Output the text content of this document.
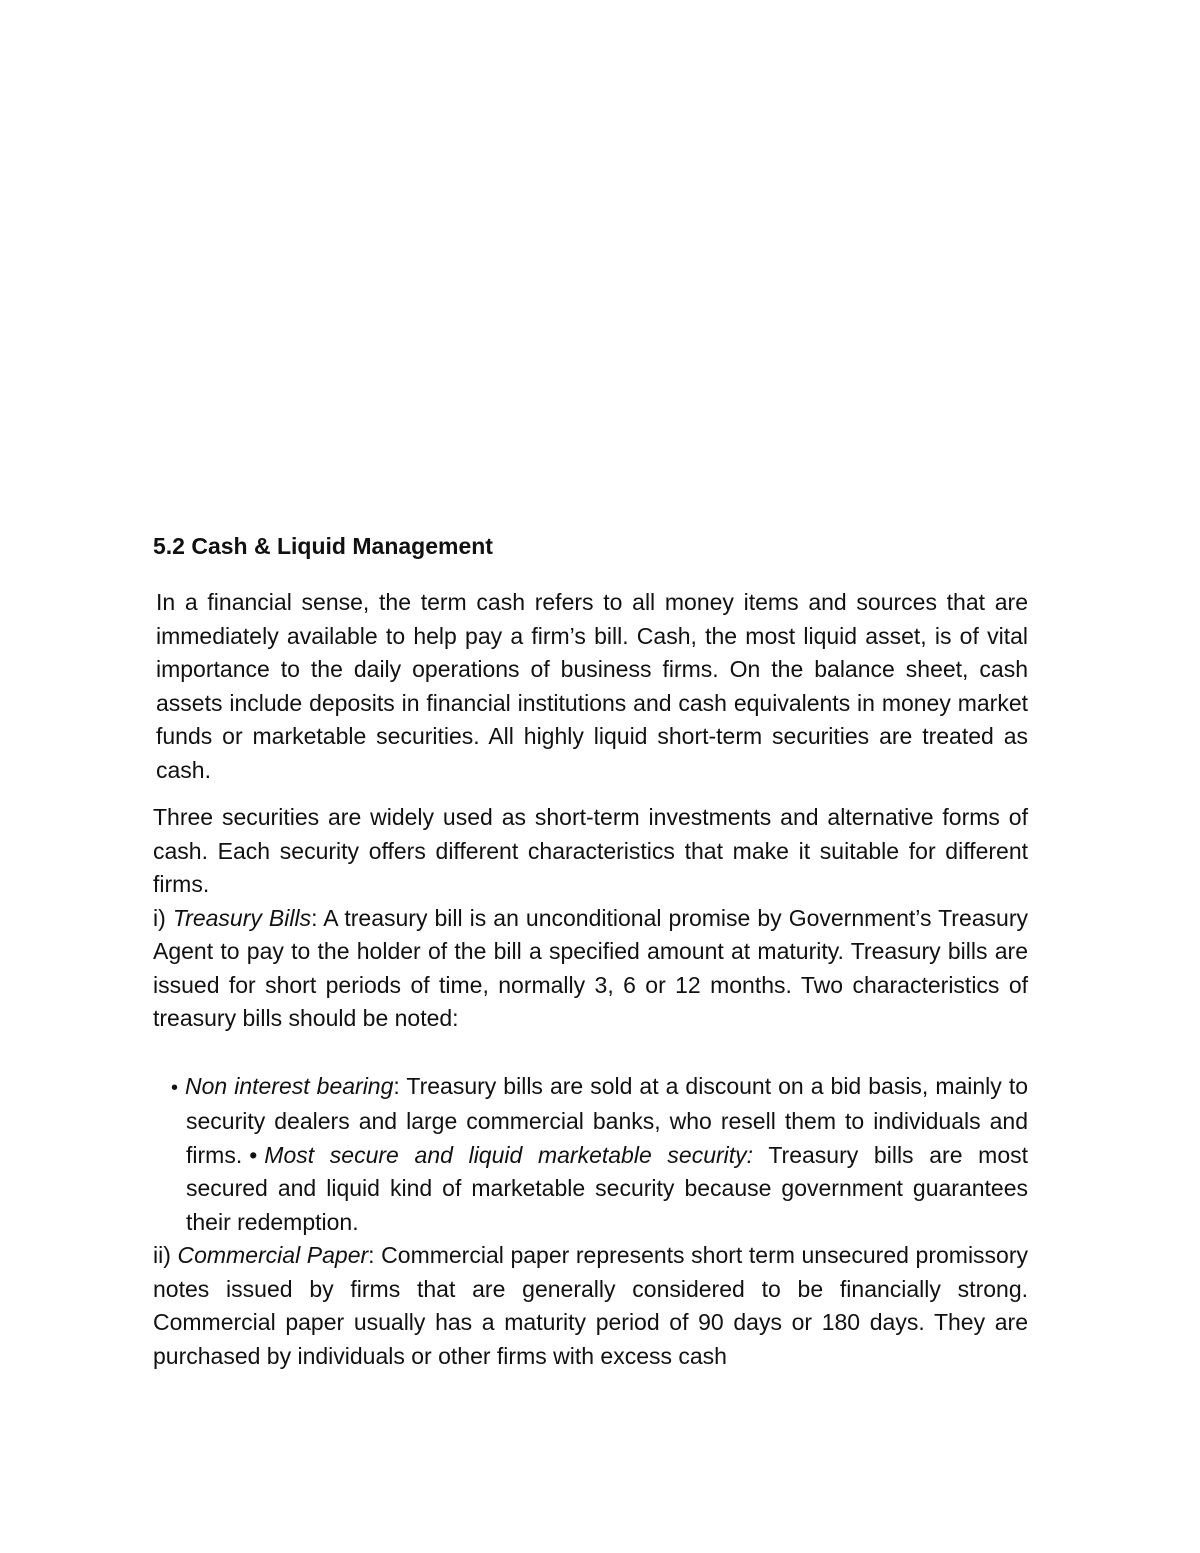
5.2 Cash & Liquid Management

In a financial sense, the term cash refers to all money items and sources that are immediately available to help pay a firm’s bill. Cash, the most liquid asset, is of vital importance to the daily operations of business firms. On the balance sheet, cash assets include deposits in financial institutions and cash equivalents in money market funds or marketable securities. All highly liquid short-term securities are treated as cash.

Three securities are widely used as short-term investments and alternative forms of cash. Each security offers different characteristics that make it suitable for different firms.

i) Treasury Bills: A treasury bill is an unconditional promise by Government’s Treasury Agent to pay to the holder of the bill a specified amount at maturity. Treasury bills are issued for short periods of time, normally 3, 6 or 12 months. Two characteristics of treasury bills should be noted:

• Non interest bearing: Treasury bills are sold at a discount on a bid basis, mainly to security dealers and large commercial banks, who resell them to individuals and firms. • Most secure and liquid marketable security: Treasury bills are most secured and liquid kind of marketable security because government guarantees their redemption.

ii) Commercial Paper: Commercial paper represents short term unsecured promissory notes issued by firms that are generally considered to be financially strong. Commercial paper usually has a maturity period of 90 days or 180 days. They are purchased by individuals or other firms with excess cash
